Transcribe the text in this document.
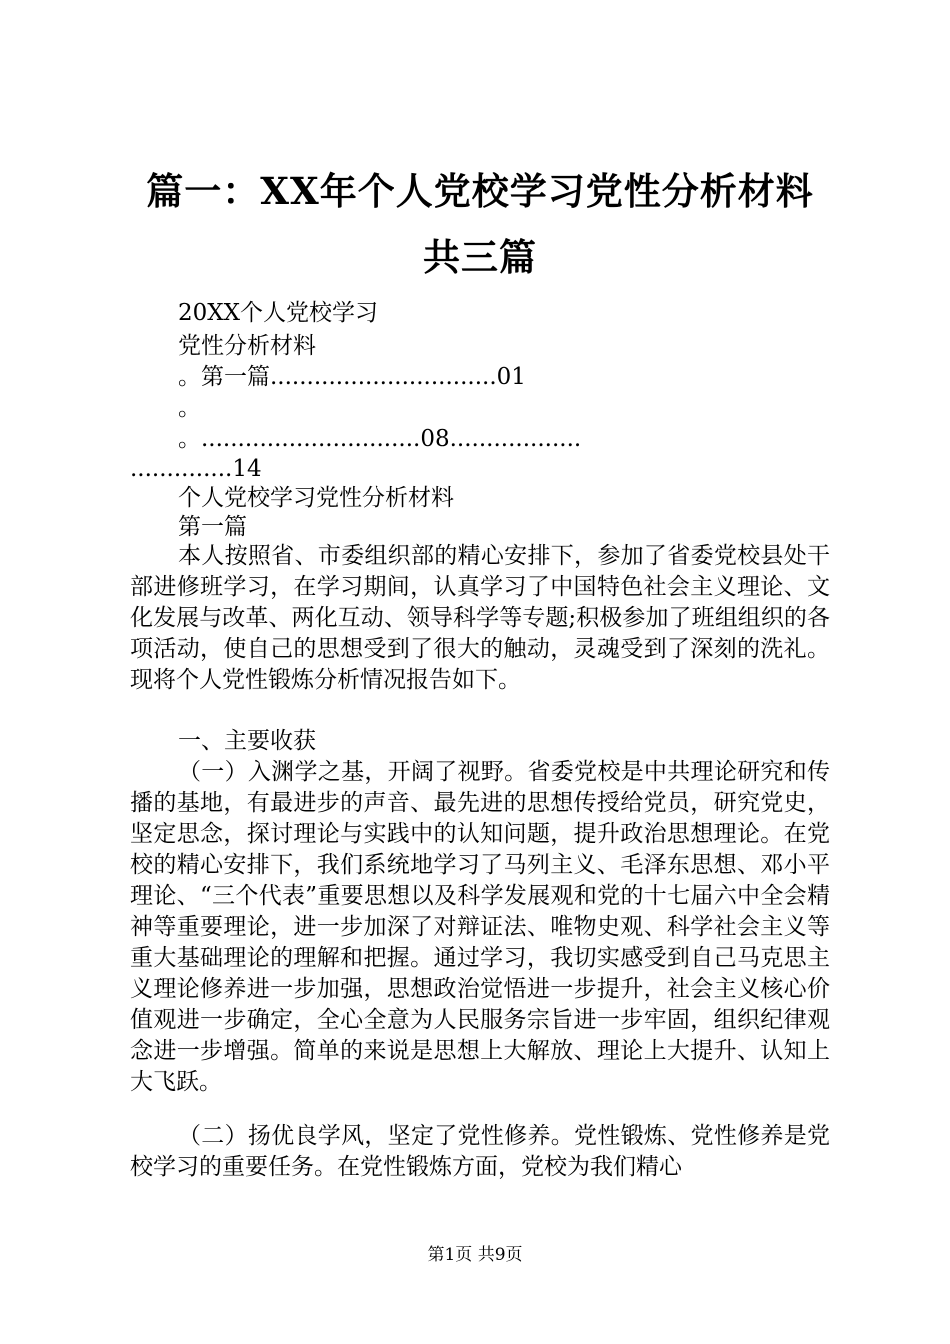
篇一：XX年个人党校学习党性分析材料共三篇
20XX个人党校学习
党性分析材料
。第一篇...............................01
。
。..............................08..................
..............14
个人党校学习党性分析材料
第一篇
本人按照省、市委组织部的精心安排下，参加了省委党校县处干部进修班学习，在学习期间，认真学习了中国特色社会主义理论、文化发展与改革、两化互动、领导科学等专题;积极参加了班组组织的各项活动，使自己的思想受到了很大的触动，灵魂受到了深刻的洗礼。现将个人党性锻炼分析情况报告如下。
一、主要收获
（一）入渊学之基，开阔了视野。省委党校是中共理论研究和传播的基地，有最进步的声音、最先进的思想传授给党员，研究党史，坚定思念，探讨理论与实践中的认知问题，提升政治思想理论。在党校的精心安排下，我们系统地学习了马列主义、毛泽东思想、邓小平理论、“三个代表”重要思想以及科学发展观和党的十七届六中全会精神等重要理论，进一步加深了对辩证法、唯物史观、科学社会主义等重大基础理论的理解和把握。通过学习，我切实感受到自己马克思主义理论修养进一步加强，思想政治觉悟进一步提升，社会主义核心价值观进一步确定，全心全意为人民服务宗旨进一步牢固，组织纪律观念进一步增强。简单的来说是思想上大解放、理论上大提升、认知上大飞跃。
（二）扬优良学风，坚定了党性修养。党性锻炼、党性修养是党校学习的重要任务。在党性锻炼方面，党校为我们精心
第1页 共9页
